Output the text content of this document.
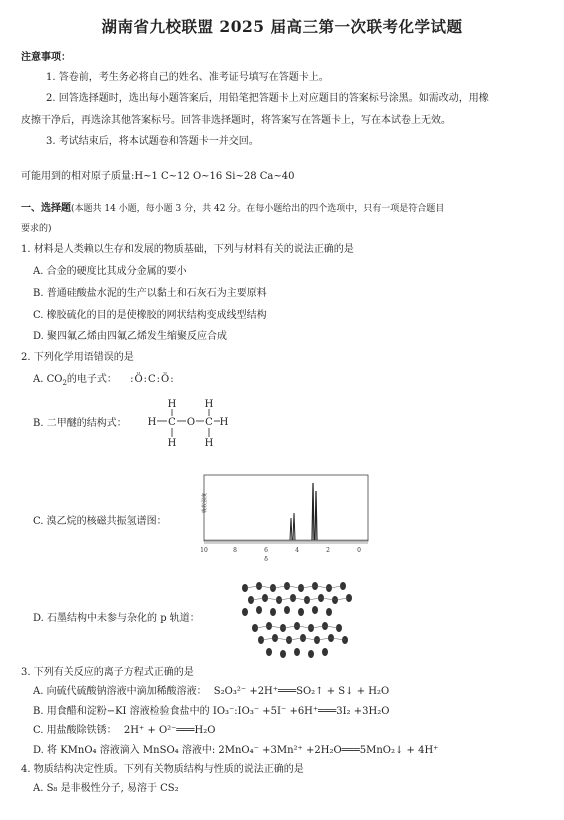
湖南省九校联盟 2025 届高三第一次联考化学试题
注意事项：
1. 答卷前，考生务必将自己的姓名、准考证号填写在答题卡上。
2. 回答选择题时，选出每小题答案后，用铅笔把答题卡上对应题目的答案标号涂黑。如需改动，用橡
皮擦干净后，再选涂其他答案标号。回答非选择题时，将答案写在答题卡上，写在本试卷上无效。
3. 考试结束后，将本试题卷和答题卡一并交回。
可能用到的相对原子质量:H~1 C~12 O~16 Si~28 Ca~40
一、选择题(本题共 14 小题，每小题 3 分，共 42 分。在每小题给出的四个选项中，只有一项是符合题目
要求的)
1. 材料是人类赖以生存和发展的物质基础，下列与材料有关的说法正确的是
A. 合金的硬度比其成分金属的要小
B. 普通硅酸盐水泥的生产以黏土和石灰石为主要原料
C. 橡胶硫化的目的是使橡胶的网状结构变成线型结构
D. 聚四氟乙烯由四氟乙烯发生缩聚反应合成
2. 下列化学用语错误的是
A. $CO_2$的电子式： :Ö:C:Ö:
B. 二甲醚的结构式：
H	H
H C O C H
H	H
C. 溴乙烷的核磁共振氢谱图：
吸收强度
10	8	6	4	2	0
δ
D. 石墨结构中未参与杂化的 p 轨道：
3. 下列有关反应的离子方程式正确的是
A. 向硫代硫酸钠溶液中滴加稀酸溶液： S₂O₃²⁻ +2H⁺═══SO₂↑ + S↓ + H₂O
B. 用食醋和淀粉−KI 溶液检验食盐中的 IO₃⁻:IO₃⁻ +5I⁻ +6H⁺═══3I₂ +3H₂O
C. 用盐酸除铁锈： 2H⁺ + O²⁻═══H₂O
D. 将 KMnO₄ 溶液滴入 MnSO₄ 溶液中: 2MnO₄⁻ +3Mn²⁺ +2H₂O═══5MnO₂↓ + 4H⁺
4. 物质结构决定性质。下列有关物质结构与性质的说法正确的是
A. S₈ 是非极性分子, 易溶于 CS₂
